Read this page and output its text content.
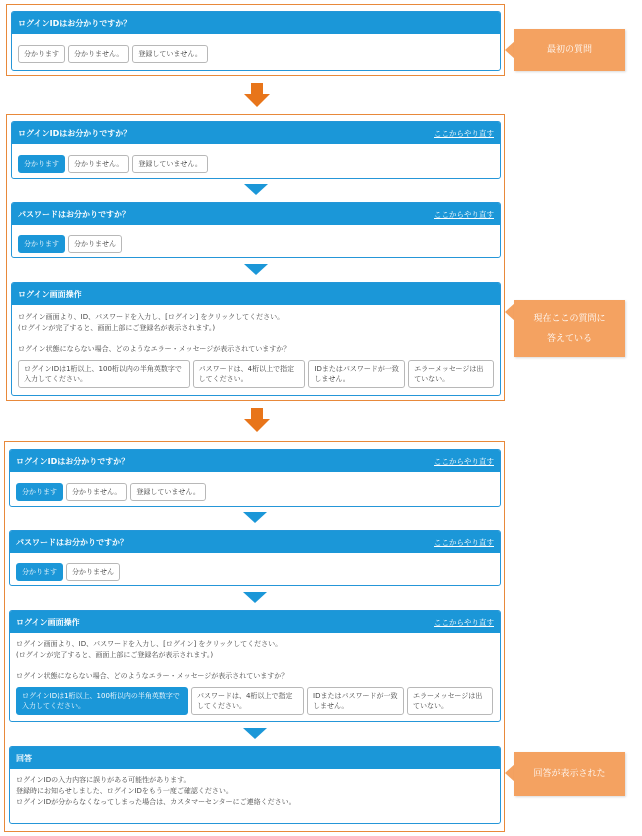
ログインIDはお分かりですか？
分かります	分かりません。	登録していません。	最初の質問
ログインIDはお分かりですか？	ここからやり直す
分かります	分かりません。	登録していません。
パスワードはお分かりですか？	ここからやり直す
分かります	分かりません
ログイン画面操作

ログイン画面より、ID、パスワードを入力し、[ログイン] をクリックしてください。

(ログインが完了すると、画面上部にご登録名が表示されます。)

ログイン状態にならない場合、どのようなエラー・メッセージが表示されていますか？

ログインIDは1桁以上、100桁以内の半角英数字で入力してください。
パスワードは、4桁以上で指定してください。
IDまたはパスワードが一致しません。
エラーメッセージは出ていない。
現在ここの質問に
答えている
ログインIDはお分かりですか？	ここからやり直す
分かります	分かりません。	登録していません。
パスワードはお分かりですか？	ここからやり直す
分かります	分かりません
ログイン画面操作	ここからやり直す

ログイン画面より、ID、パスワードを入力し、[ログイン] をクリックしてください。

(ログインが完了すると、画面上部にご登録名が表示されます。)

ログイン状態にならない場合、どのようなエラー・メッセージが表示されていますか？

ログインIDは1桁以上、100桁以内の半角英数字で入力してください。
パスワードは、4桁以上で指定してください。
IDまたはパスワードが一致しません。
エラーメッセージは出ていない。
回答

ログインIDの入力内容に誤りがある可能性があります。

登録時にお知らせしました、ログインIDをもう一度ご確認ください。

ログインIDが分からなくなってしまった場合は、カスタマーセンターにご連絡ください。

回答が表示された
